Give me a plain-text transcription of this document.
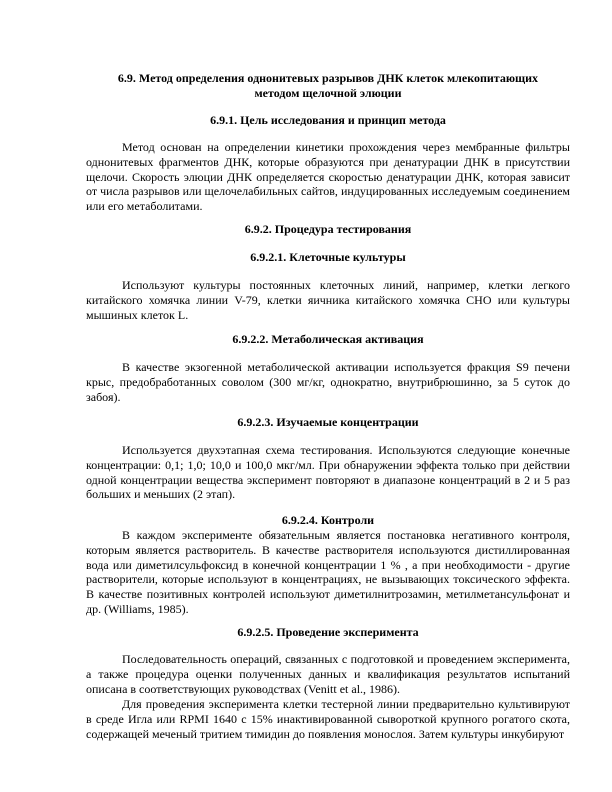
6.9. Метод определения однонитевых разрывов ДНК клеток млекопитающих

методом щелочной элюции

6.9.1. Цель исследования и принцип метода

Метод основан на определении кинетики прохождения через мембранные фильтры однонитевых фрагментов ДНК, которые образуются при денатурации ДНК в присутствии щелочи. Скорость элюции ДНК определяется скоростью денатурации ДНК, которая зависит от числа разрывов или щелочелабильных сайтов, индуцированных исследуемым соединением или его метаболитами.

6.9.2. Процедура тестирования

6.9.2.1. Клеточные культуры

Используют культуры постоянных клеточных линий, например, клетки легкого китайского хомячка линии V-79, клетки яичника китайского хомячка CHO или культуры мышиных клеток L.

6.9.2.2. Метаболическая активация

В качестве экзогенной метаболической активации используется фракция S9 печени крыс, предобработанных соволом (300 мг/кг, однократно, внутрибрюшинно, за 5 суток до забоя).

6.9.2.3. Изучаемые концентрации

Используется двухэтапная схема тестирования. Используются следующие конечные концентрации: 0,1; 1,0; 10,0 и 100,0 мкг/мл. При обнаружении эффекта только при действии одной концентрации вещества эксперимент повторяют в диапазоне концентраций в 2 и 5 раз больших и меньших (2 этап).

6.9.2.4. Контроли

В каждом эксперименте обязательным является постановка негативного контроля, которым является растворитель. В качестве растворителя используются дистиллированная вода или диметилсульфоксид в конечной концентрации 1 % , а при необходимости - другие растворители, которые используют в концентрациях, не вызывающих токсического эффекта. В качестве позитивных контролей используют диметилнитрозамин, метилметансульфонат и др. (Williams, 1985).

6.9.2.5. Проведение эксперимента

Последовательность операций, связанных с подготовкой и проведением эксперимента, а также процедура оценки полученных данных и квалификация результатов испытаний описана в соответствующих руководствах (Venitt et al., 1986).

Для проведения эксперимента клетки тестерной линии предварительно культивируют в среде Игла или RPMI 1640 с 15% инактивированной сывороткой крупного рогатого скота, содержащей меченый тритием тимидин до появления монослоя. Затем культуры инкубируют
